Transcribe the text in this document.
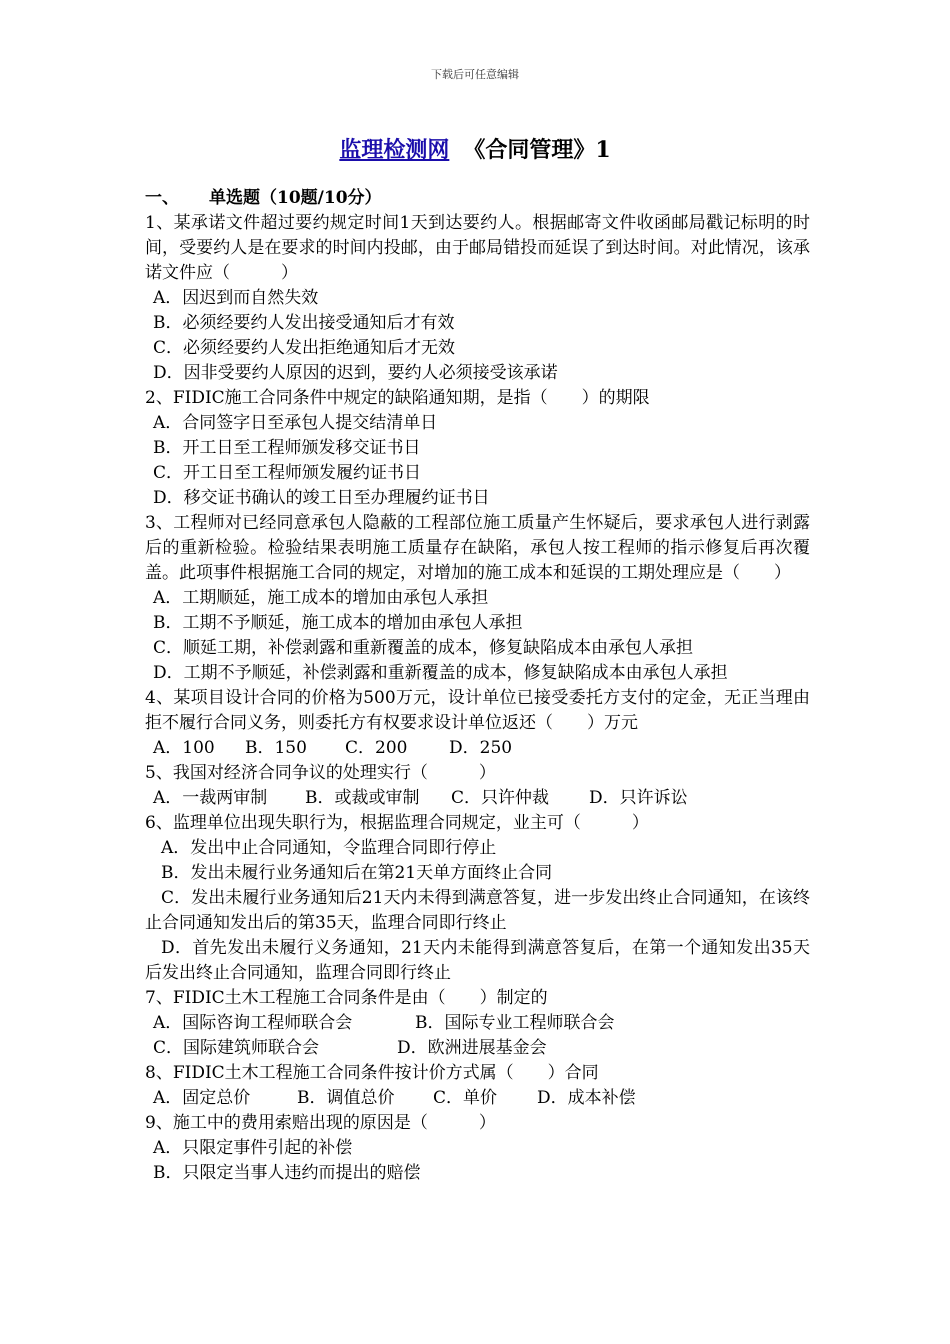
下载后可任意编辑
监理检测网 《合同管理》1
一、 单选题（10题/10分）
1、某承诺文件超过要约规定时间1天到达要约人。根据邮寄文件收函邮局戳记标明的时间，受要约人是在要求的时间内投邮，由于邮局错投而延误了到达时间。对此情况，该承诺文件应（　　　）
A．因迟到而自然失效
B．必须经要约人发出接受通知后才有效
C．必须经要约人发出拒绝通知后才无效
D．因非受要约人原因的迟到，要约人必须接受该承诺
2、FIDIC施工合同条件中规定的缺陷通知期，是指（　　）的期限
A．合同签字日至承包人提交结清单日
B．开工日至工程师颁发移交证书日
C．开工日至工程师颁发履约证书日
D．移交证书确认的竣工日至办理履约证书日
3、工程师对已经同意承包人隐蔽的工程部位施工质量产生怀疑后，要求承包人进行剥露后的重新检验。检验结果表明施工质量存在缺陷，承包人按工程师的指示修复后再次覆盖。此项事件根据施工合同的规定，对增加的施工成本和延误的工期处理应是（　　）
A．工期顺延，施工成本的增加由承包人承担
B．工期不予顺延，施工成本的增加由承包人承担
C．顺延工期，补偿剥露和重新覆盖的成本，修复缺陷成本由承包人承担
D．工期不予顺延，补偿剥露和重新覆盖的成本，修复缺陷成本由承包人承担
4、某项目设计合同的价格为500万元，设计单位已接受委托方支付的定金，无正当理由拒不履行合同义务，则委托方有权要求设计单位返还（　　）万元
A．100 B．150 C．200 D．250
5、我国对经济合同争议的处理实行（　　　）
A．一裁两审制 B．或裁或审制 C．只许仲裁 D．只许诉讼
6、监理单位出现失职行为，根据监理合同规定，业主可（　　　）
A．发出中止合同通知，令监理合同即行停止
B．发出未履行业务通知后在第21天单方面终止合同
C．发出未履行业务通知后21天内未得到满意答复，进一步发出终止合同通知，在该终止合同通知发出后的第35天，监理合同即行终止
D．首先发出未履行义务通知，21天内未能得到满意答复后，在第一个通知发出35天后发出终止合同通知，监理合同即行终止
7、FIDIC土木工程施工合同条件是由（　　）制定的
A．国际咨询工程师联合会	B．国际专业工程师联合会
C．国际建筑师联合会	D．欧洲进展基金会
8、FIDIC土木工程施工合同条件按计价方式属（　　）合同
A．固定总价	B．调值总价 C．单价 D．成本补偿
9、施工中的费用索赔出现的原因是（　　　）
A．只限定事件引起的补偿
B．只限定当事人违约而提出的赔偿
